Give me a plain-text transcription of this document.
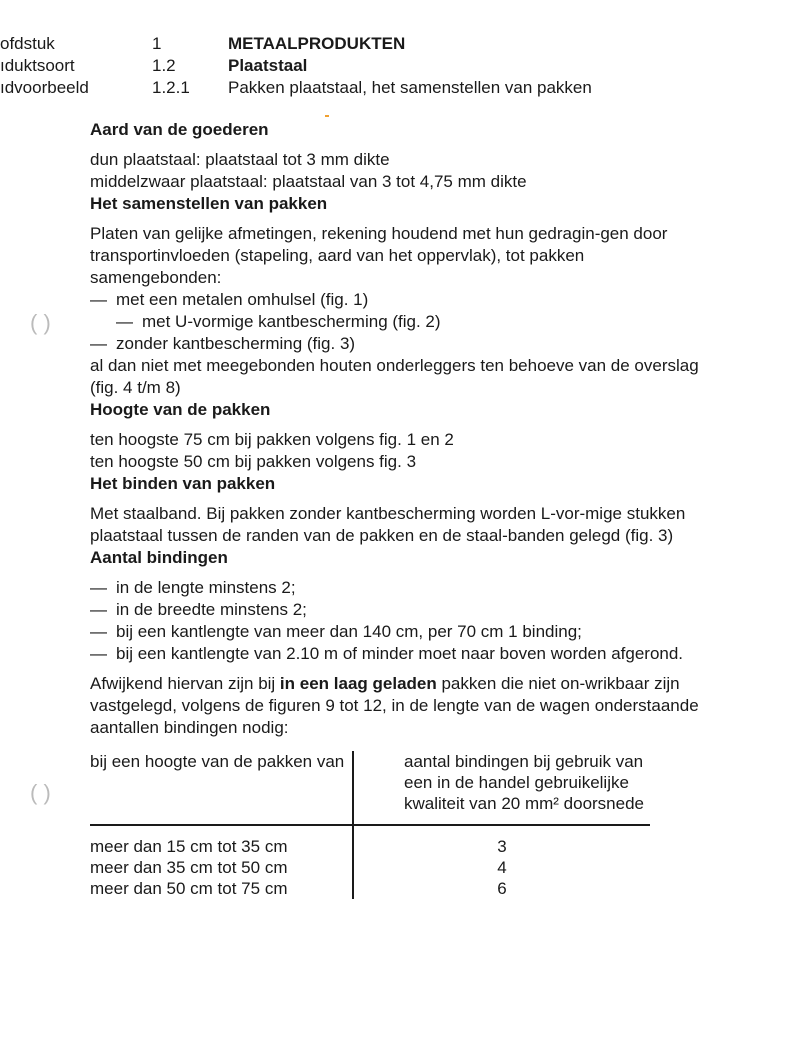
ofdstuk	1	METAALPRODUKTEN
ıduktsoort	1.2	Plaatstaal
ıdvoorbeeld	1.2.1 Pakken plaatstaal, het samenstellen van pakken
( )
( )

Aard van de goederen

dun plaatstaal: plaatstaal tot 3 mm dikte

middelzwaar plaatstaal: plaatstaal van 3 tot 4,75 mm dikte

Het samenstellen van pakken

Platen van gelijke afmetingen, rekening houdend met hun gedragin-gen door transportinvloeden (stapeling, aard van het oppervlak), tot pakken samengebonden:

— met een metalen omhulsel (fig. 1)

— met U-vormige kantbescherming (fig. 2)

— zonder kantbescherming (fig. 3)

al dan niet met meegebonden houten onderleggers ten behoeve van de overslag (fig. 4 t/m 8)

Hoogte van de pakken

ten hoogste 75 cm bij pakken volgens fig. 1 en 2

ten hoogste 50 cm bij pakken volgens fig. 3

Het binden van pakken

Met staalband. Bij pakken zonder kantbescherming worden L-vor-mige stukken plaatstaal tussen de randen van de pakken en de staal-banden gelegd (fig. 3)

Aantal bindingen

— in de lengte minstens 2;

— in de breedte minstens 2;

— bij een kantlengte van meer dan 140 cm, per 70 cm 1 binding;

— bij een kantlengte van 2.10 m of minder moet naar boven worden afgerond.

Afwijkend hiervan zijn bij in een laag geladen pakken die niet on-wrikbaar zijn vastgelegd, volgens de figuren 9 tot 12, in de lengte van de wagen onderstaande aantallen bindingen nodig:

bij een hoogte van de pakken van	aantal bindingen bij gebruik van een in de handel gebruikelijke kwaliteit van 20 mm² doorsnede

meer dan 15 cm tot 35 cm	3
meer dan 35 cm tot 50 cm	4
meer dan 50 cm tot 75 cm	6
